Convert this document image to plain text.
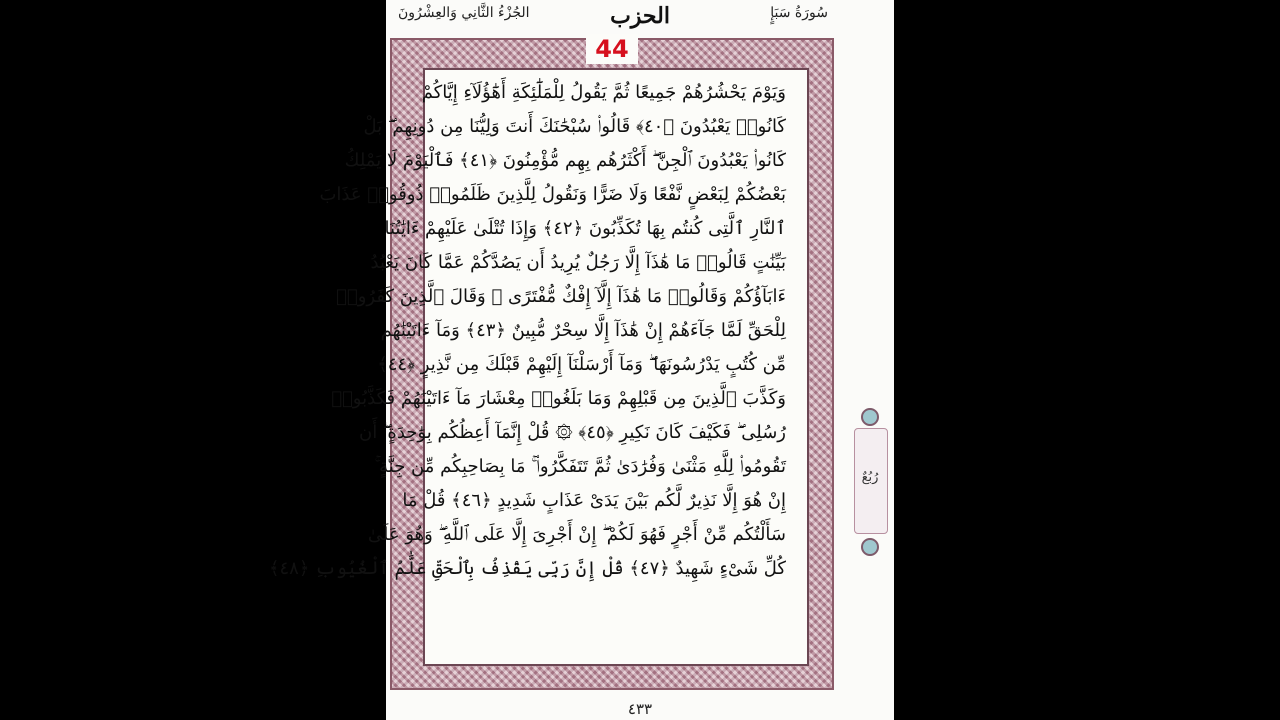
سُورَةُ سَبَإٍ
الجُزْءُ الثَّانِي وَالعِشْرُونَ	الحزب
44
وَيَوْمَ يَحْشُرُهُمْ جَمِيعًا ثُمَّ يَقُولُ لِلْمَلَٰٓئِكَةِ أَهَٰٓؤُلَآءِ إِيَّاكُمْ
كَانُوا۟ يَعْبُدُونَ ﴿٤٠﴾ قَالُوا۟ سُبْحَٰنَكَ أَنتَ وَلِيُّنَا مِن دُونِهِم ۖ بَلْ
كَانُوا۟ يَعْبُدُونَ ٱلْجِنَّ ۖ أَكْثَرُهُم بِهِم مُّؤْمِنُونَ ﴿٤١﴾ فَٱلْيَوْمَ لَا يَمْلِكُ
بَعْضُكُمْ لِبَعْضٍ نَّفْعًا وَلَا ضَرًّا وَنَقُولُ لِلَّذِينَ ظَلَمُوا۟ ذُوقُوا۟ عَذَابَ
ٱلنَّارِ ٱلَّتِى كُنتُم بِهَا تُكَذِّبُونَ ﴿٤٢﴾ وَإِذَا تُتْلَىٰ عَلَيْهِمْ ءَايَٰتُنَا
بَيِّنَٰتٍ قَالُوا۟ مَا هَٰذَآ إِلَّا رَجُلٌ يُرِيدُ أَن يَصُدَّكُمْ عَمَّا كَانَ يَعْبُدُ
ءَابَآؤُكُمْ وَقَالُوا۟ مَا هَٰذَآ إِلَّآ إِفْكٌ مُّفْتَرًى ۚ وَقَالَ ٱلَّذِينَ كَفَرُوا۟
لِلْحَقِّ لَمَّا جَآءَهُمْ إِنْ هَٰذَآ إِلَّا سِحْرٌ مُّبِينٌ ﴿٤٣﴾ وَمَآ ءَاتَيْنَٰهُم
مِّن كُتُبٍ يَدْرُسُونَهَا ۖ وَمَآ أَرْسَلْنَآ إِلَيْهِمْ قَبْلَكَ مِن نَّذِيرٍ ﴿٤٤﴾
وَكَذَّبَ ٱلَّذِينَ مِن قَبْلِهِمْ وَمَا بَلَغُوا۟ مِعْشَارَ مَآ ءَاتَيْنَٰهُمْ فَكَذَّبُوا۟
رُسُلِى ۖ فَكَيْفَ كَانَ نَكِيرِ ﴿٤٥﴾ ۞ قُلْ إِنَّمَآ أَعِظُكُم بِوَٰحِدَةٍ ۖ أَن
تَقُومُوا۟ لِلَّهِ مَثْنَىٰ وَفُرَٰدَىٰ ثُمَّ تَتَفَكَّرُوا۟ ۚ مَا بِصَاحِبِكُم مِّن جِنَّةٍ ۚ
إِنْ هُوَ إِلَّا نَذِيرٌ لَّكُم بَيْنَ يَدَىْ عَذَابٍ شَدِيدٍ ﴿٤٦﴾ قُلْ مَا
سَأَلْتُكُم مِّنْ أَجْرٍ فَهُوَ لَكُمْ ۖ إِنْ أَجْرِىَ إِلَّا عَلَى ٱللَّهِ ۖ وَهُوَ عَلَىٰ
كُلِّ شَىْءٍ شَهِيدٌ ﴿٤٧﴾ قُلْ إِنَّ رَبِّى يَقْذِفُ بِٱلْحَقِّ عَلَّٰمُ ٱلْغُيُوبِ ﴿٤٨﴾
٤٣٣
رُبُعٌ
